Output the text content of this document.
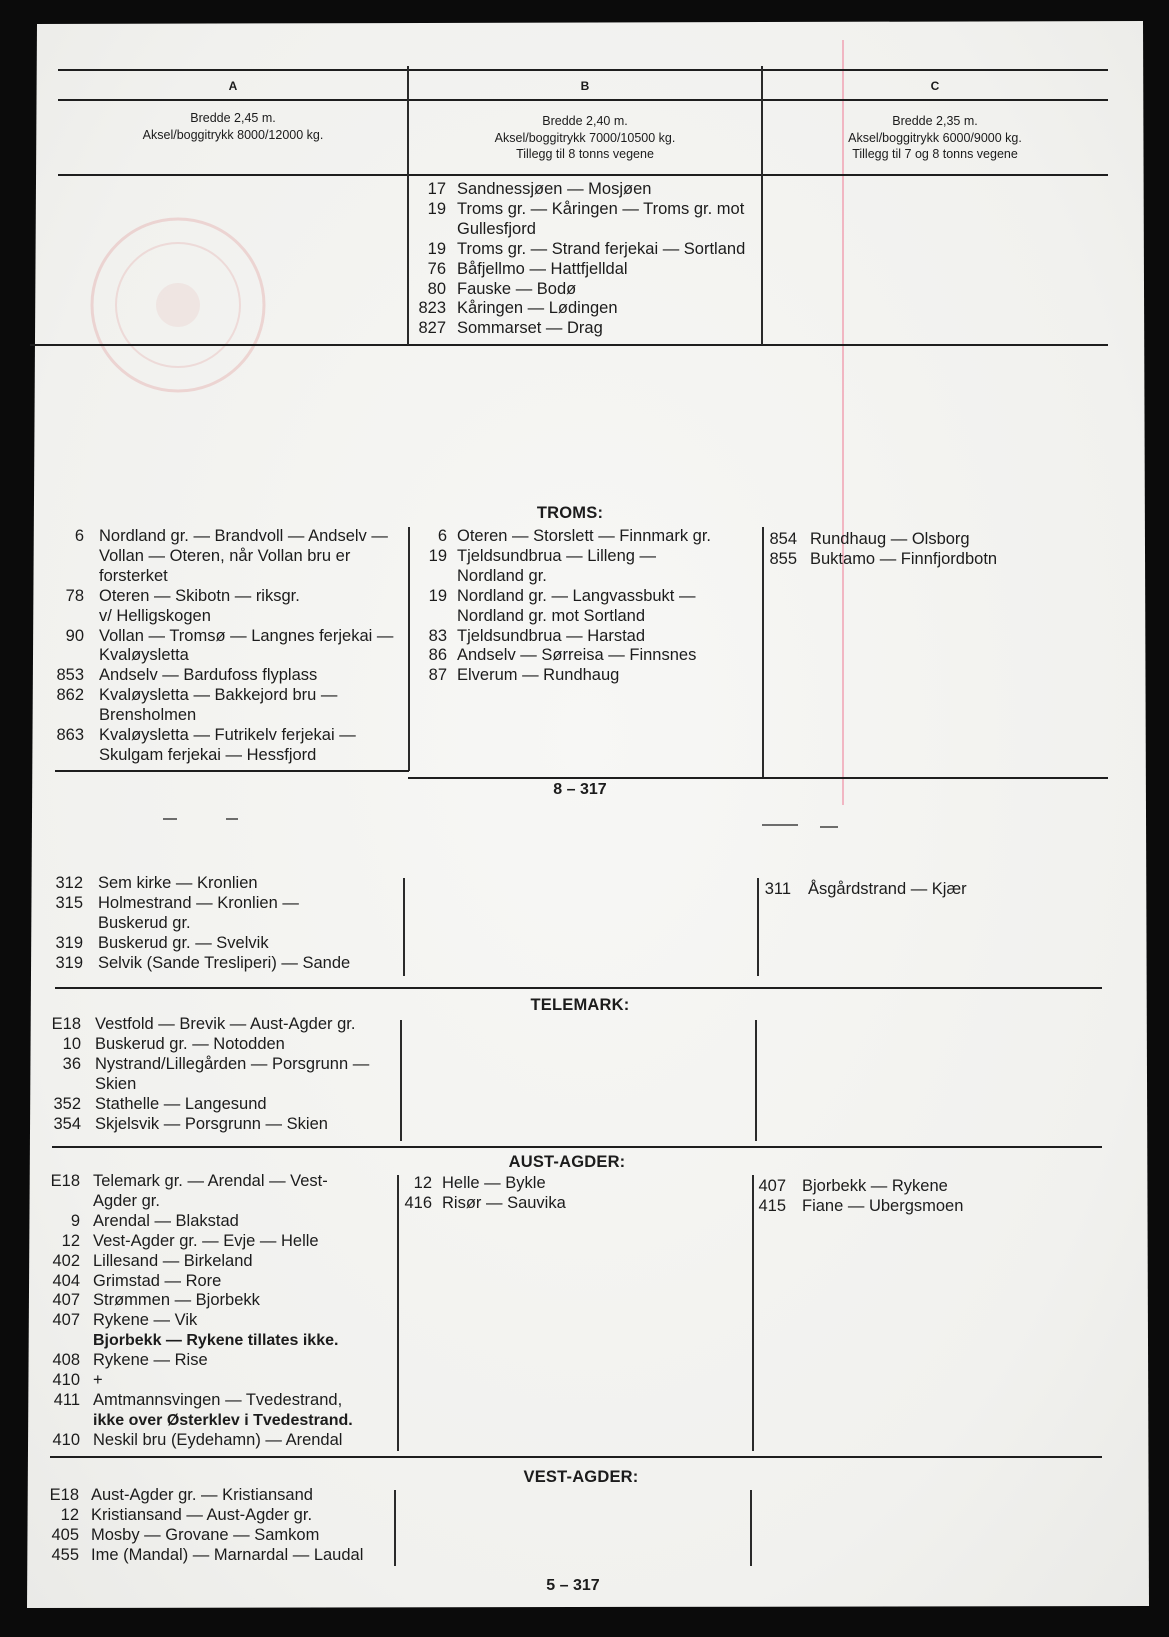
A	B	C
Bredde 2,45 m.
Aksel/boggitrykk 8000/12000 kg.
Bredde 2,40 m.
Aksel/boggitrykk 7000/10500 kg.
Tillegg til 8 tonns vegene
Bredde 2,35 m.
Aksel/boggitrykk 6000/9000 kg.
Tillegg til 7 og 8 tonns vegene
17 Sandnessjøen — Mosjøen
19 Troms gr. — Kåringen — Troms gr. mot
Gullesfjord
19 Troms gr. — Strand ferjekai — Sortland
76 Båfjellmo — Hattfjelldal
80 Fauske — Bodø
823 Kåringen — Lødingen
827 Sommarset — Drag
TROMS:
6 Nordland gr. — Brandvoll — Andselv —
Vollan — Oteren, når Vollan bru er
forsterket
78 Oteren — Skibotn — riksgr.
v/ Helligskogen
90 Vollan — Tromsø — Langnes ferjekai —
Kvaløysletta
853 Andselv — Bardufoss flyplass
862 Kvaløysletta — Bakkejord bru —
Brensholmen
863 Kvaløysletta — Futrikelv ferjekai —
Skulgam ferjekai — Hessfjord
6 Oteren — Storslett — Finnmark gr.
19 Tjeldsundbrua — Lilleng —
Nordland gr.
19 Nordland gr. — Langvassbukt —
Nordland gr. mot Sortland
83 Tjeldsundbrua — Harstad
86 Andselv — Sørreisa — Finnsnes
87 Elverum — Rundhaug
854 Rundhaug — Olsborg
855 Buktamo — Finnfjordbotn
8 – 317
312 Sem kirke — Kronlien
315 Holmestrand — Kronlien —
Buskerud gr.
319 Buskerud gr. — Svelvik
319 Selvik (Sande Tresliperi) — Sande
311 Åsgårdstrand — Kjær
TELEMARK:
E18 Vestfold — Brevik — Aust-Agder gr.
10 Buskerud gr. — Notodden
36 Nystrand/Lillegården — Porsgrunn —
Skien
352 Stathelle — Langesund
354 Skjelsvik — Porsgrunn — Skien
AUST-AGDER:
E18 Telemark gr. — Arendal — Vest-
Agder gr.
9 Arendal — Blakstad
12 Vest-Agder gr. — Evje — Helle
402 Lillesand — Birkeland
404 Grimstad — Rore
407 Strømmen — Bjorbekk
407 Rykene — Vik
Bjorbekk — Rykene tillates ikke.
408 Rykene — Rise
410 +
411 Amtmannsvingen — Tvedestrand,
ikke over Østerklev i Tvedestrand.
410 Neskil bru (Eydehamn) — Arendal
12 Helle — Bykle
416 Risør — Sauvika
407 Bjorbekk — Rykene
415 Fiane — Ubergsmoen
VEST-AGDER:
E18 Aust-Agder gr. — Kristiansand
12 Kristiansand — Aust-Agder gr.
405 Mosby — Grovane — Samkom
455 Ime (Mandal) — Marnardal — Laudal
5 – 317
